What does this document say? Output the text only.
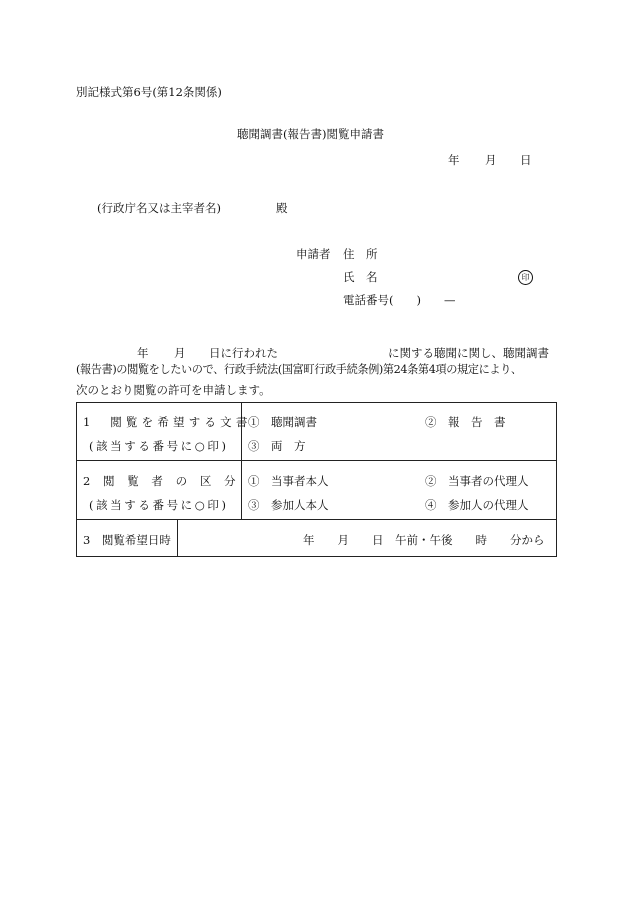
別記様式第6号(第12条関係)
聴聞調書(報告書)閲覧申請書
年 月 日
(行政庁名又は主宰者名)	殿
申請者 住　所
氏　名	印
電話番号(　　)　　—
年 月 日に行われた	に関する聴聞に関し、聴聞調書
(報告書)の閲覧をしたいので、行政手続法(国富町行政手続条例)第24条第4項の規定により、
次のとおり閲覧の許可を申請します。
1　閲覧を希望する文書
(該当する番号に○印)	①　聴聞調書 ②　報　告　書
③　両　方

2　閲　覧　者　の　区　分
(該当する番号に○印)	①　当事者本人 ②　当事者の代理人
③　参加人本人 ④　参加人の代理人

3　閲覧希望日時 年　　月　　日　午前・午後　　時　　分から	
